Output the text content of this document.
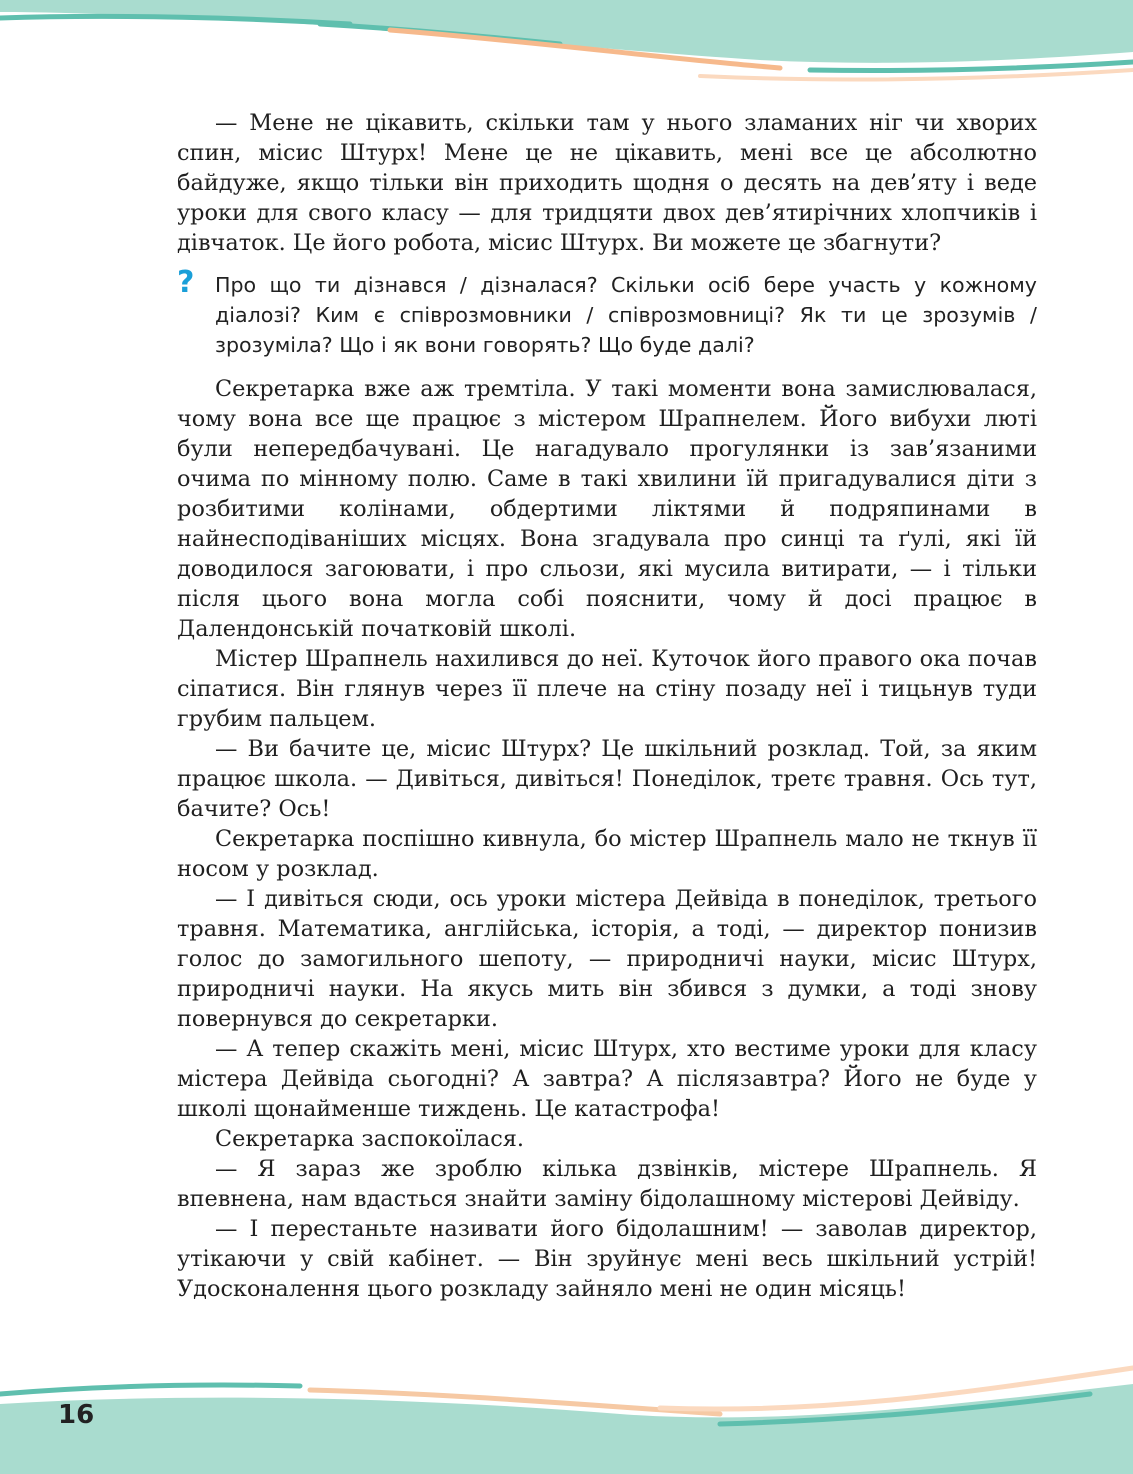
— Мене не цікавить, скільки там у нього зламаних ніг чи хворих спин, місис Штурх! Мене це не цікавить, мені все це абсолютно байдуже, якщо тільки він приходить щодня о десять на дев’яту і веде уроки для свого класу — для тридцяти двох дев’ятирічних хлопчиків і дівчаток. Це його робота, місис Штурх. Ви можете це збагнути?

? Про що ти дізнався / дізналася? Скільки осіб бере участь у кожному діалозі? Ким є співрозмовники / співрозмовниці? Як ти це зрозумів / зрозуміла? Що і як вони говорять? Що буде далі?

Секретарка вже аж тремтіла. У такі моменти вона замислювалася, чому вона все ще працює з містером Шрапнелем. Його вибухи люті були непередбачувані. Це нагадувало прогулянки із зав’язаними очима по мінному полю. Саме в такі хвилини їй пригадувалися діти з розбитими колінами, обдертими ліктями й подряпинами в найнесподіваніших місцях. Вона згадувала про синці та ґулі, які їй доводилося загоювати, і про сльози, які мусила витирати, — і тільки після цього вона могла собі пояснити, чому й досі працює в Далендонській початковій школі.

Містер Шрапнель нахилився до неї. Куточок його правого ока почав сіпатися. Він глянув через її плече на стіну позаду неї і тицьнув туди грубим пальцем.

— Ви бачите це, місис Штурх? Це шкільний розклад. Той, за яким працює школа. — Дивіться, дивіться! Понеділок, третє травня. Ось тут, бачите? Ось!

Секретарка поспішно кивнула, бо містер Шрапнель мало не ткнув її носом у розклад.

— І дивіться сюди, ось уроки містера Дейвіда в понеділок, третього травня. Математика, англійська, історія, а тоді, — директор понизив голос до замогильного шепоту, — природничі науки, місис Штурх, природничі науки. На якусь мить він збився з думки, а тоді знову повернувся до секретарки.

— А тепер скажіть мені, місис Штурх, хто вестиме уроки для класу містера Дейвіда сьогодні? А завтра? А післязавтра? Його не буде у школі щонайменше тиждень. Це катастрофа!

Секретарка заспокоїлася.

— Я зараз же зроблю кілька дзвінків, містере Шрапнель. Я впевнена, нам вдасться знайти заміну бідолашному містерові Дейвіду.

— І перестаньте називати його бідолашним! — заволав директор, утікаючи у свій кабінет. — Він зруйнує мені весь шкільний устрій! Удосконалення цього розкладу зайняло мені не один місяць!

16
